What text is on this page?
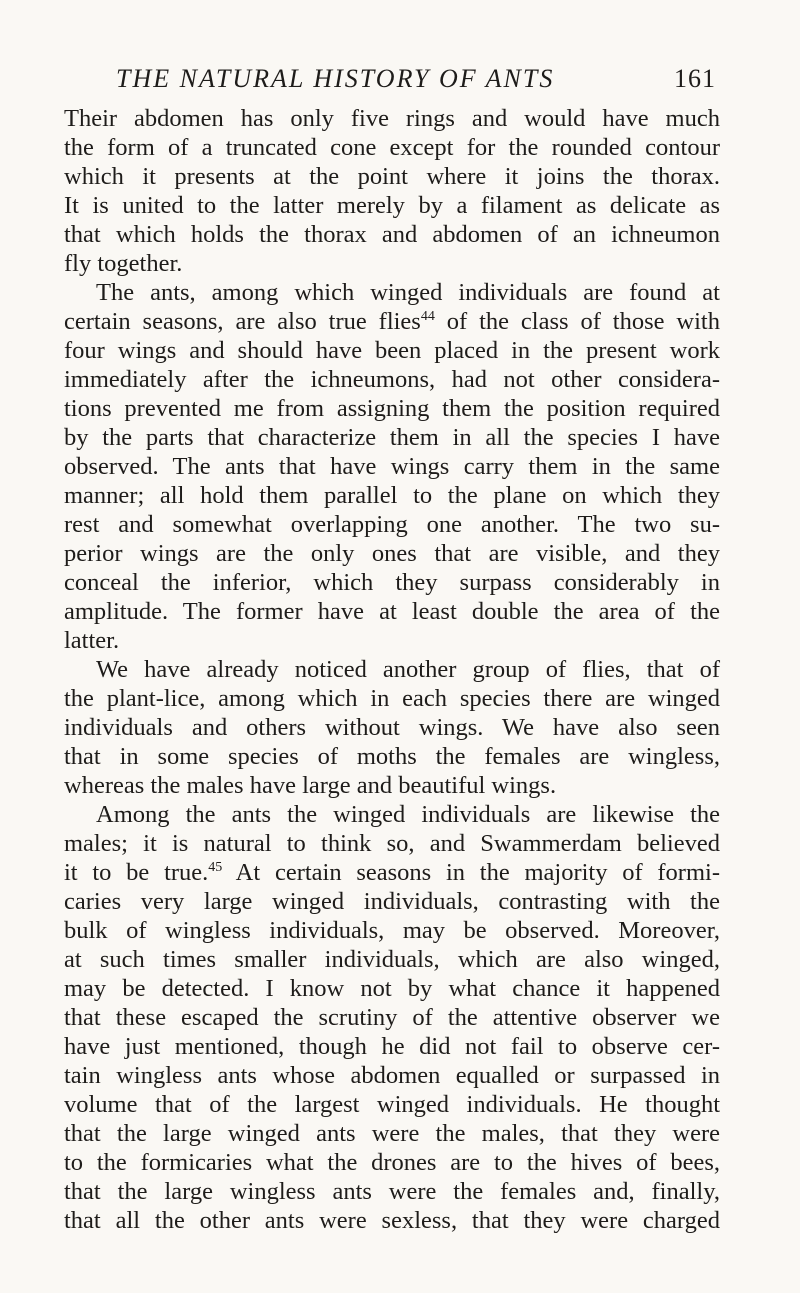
THE NATURAL HISTORY OF ANTS	161
Their abdomen has only five rings and would have much
the form of a truncated cone except for the rounded contour
which it presents at the point where it joins the thorax.
It is united to the latter merely by a filament as delicate as
that which holds the thorax and abdomen of an ichneumon
fly together.
The ants, among which winged individuals are found at
certain seasons, are also true flies$^{44}$ of the class of those with
four wings and should have been placed in the present work
immediately after the ichneumons, had not other considera-
tions prevented me from assigning them the position required
by the parts that characterize them in all the species I have
observed. The ants that have wings carry them in the same
manner; all hold them parallel to the plane on which they
rest and somewhat overlapping one another. The two su-
perior wings are the only ones that are visible, and they
conceal the inferior, which they surpass considerably in
amplitude. The former have at least double the area of the
latter.
We have already noticed another group of flies, that of
the plant-lice, among which in each species there are winged
individuals and others without wings. We have also seen
that in some species of moths the females are wingless,
whereas the males have large and beautiful wings.
Among the ants the winged individuals are likewise the
males; it is natural to think so, and Swammerdam believed
it to be true.$^{45}$ At certain seasons in the majority of formi-
caries very large winged individuals, contrasting with the
bulk of wingless individuals, may be observed. Moreover,
at such times smaller individuals, which are also winged,
may be detected. I know not by what chance it happened
that these escaped the scrutiny of the attentive observer we
have just mentioned, though he did not fail to observe cer-
tain wingless ants whose abdomen equalled or surpassed in
volume that of the largest winged individuals. He thought
that the large winged ants were the males, that they were
to the formicaries what the drones are to the hives of bees,
that the large wingless ants were the females and, finally,
that all the other ants were sexless, that they were charged
